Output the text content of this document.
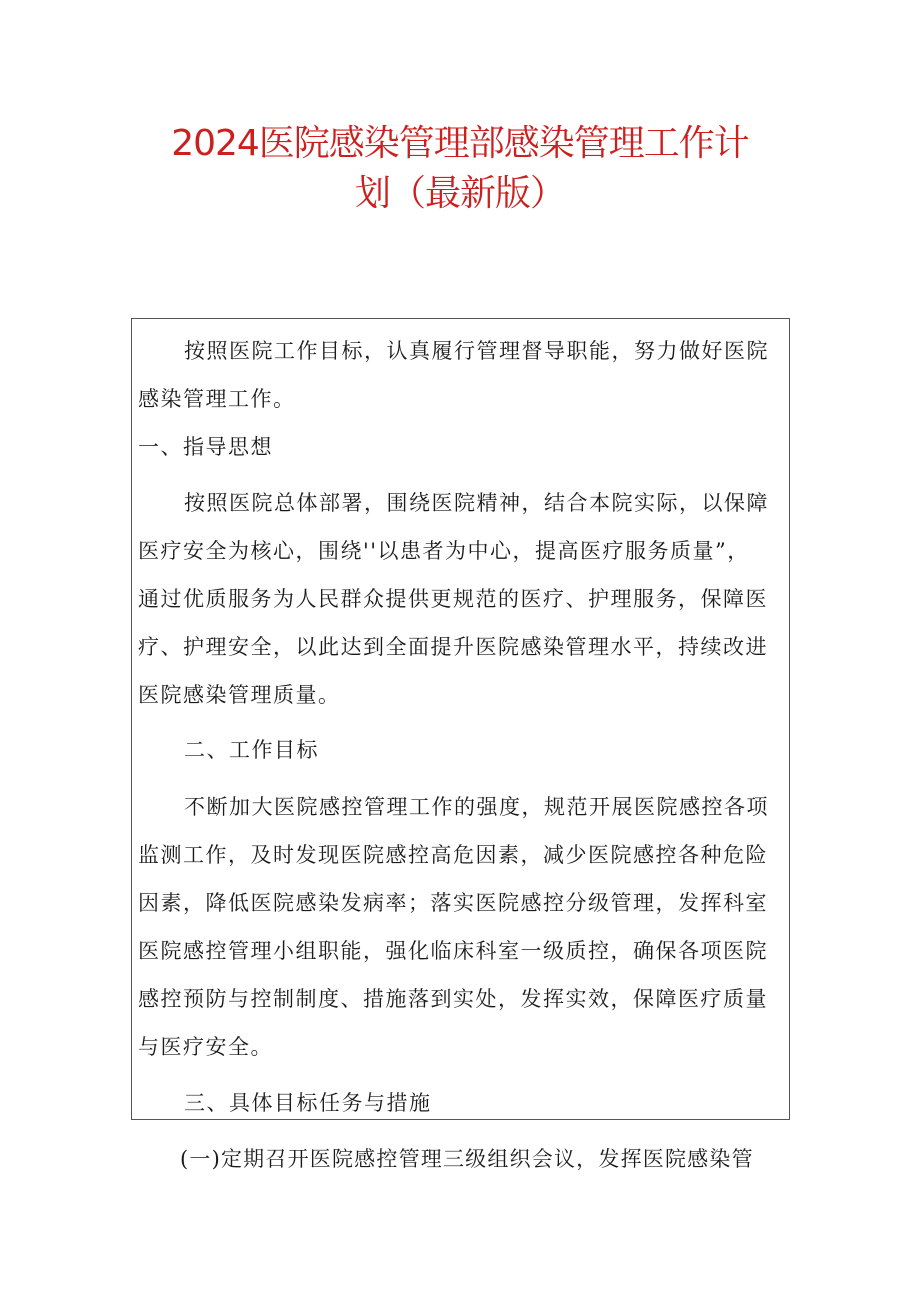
2024医院感染管理部感染管理工作计
划（最新版）
按照医院工作目标，认真履行管理督导职能，努力做好医院
感染管理工作。
一、指导思想
按照医院总体部署，围绕医院精神，结合本院实际，以保障
医疗安全为核心，围绕''以患者为中心，提高医疗服务质量”，
通过优质服务为人民群众提供更规范的医疗、护理服务，保障医
疗、护理安全，以此达到全面提升医院感染管理水平，持续改进
医院感染管理质量。
二、工作目标
不断加大医院感控管理工作的强度，规范开展医院感控各项
监测工作，及时发现医院感控高危因素，减少医院感控各种危险
因素，降低医院感染发病率；落实医院感控分级管理，发挥科室
医院感控管理小组职能，强化临床科室一级质控，确保各项医院
感控预防与控制制度、措施落到实处，发挥实效，保障医疗质量
与医疗安全。
三、具体目标任务与措施
(一)定期召开医院感控管理三级组织会议，发挥医院感染管
